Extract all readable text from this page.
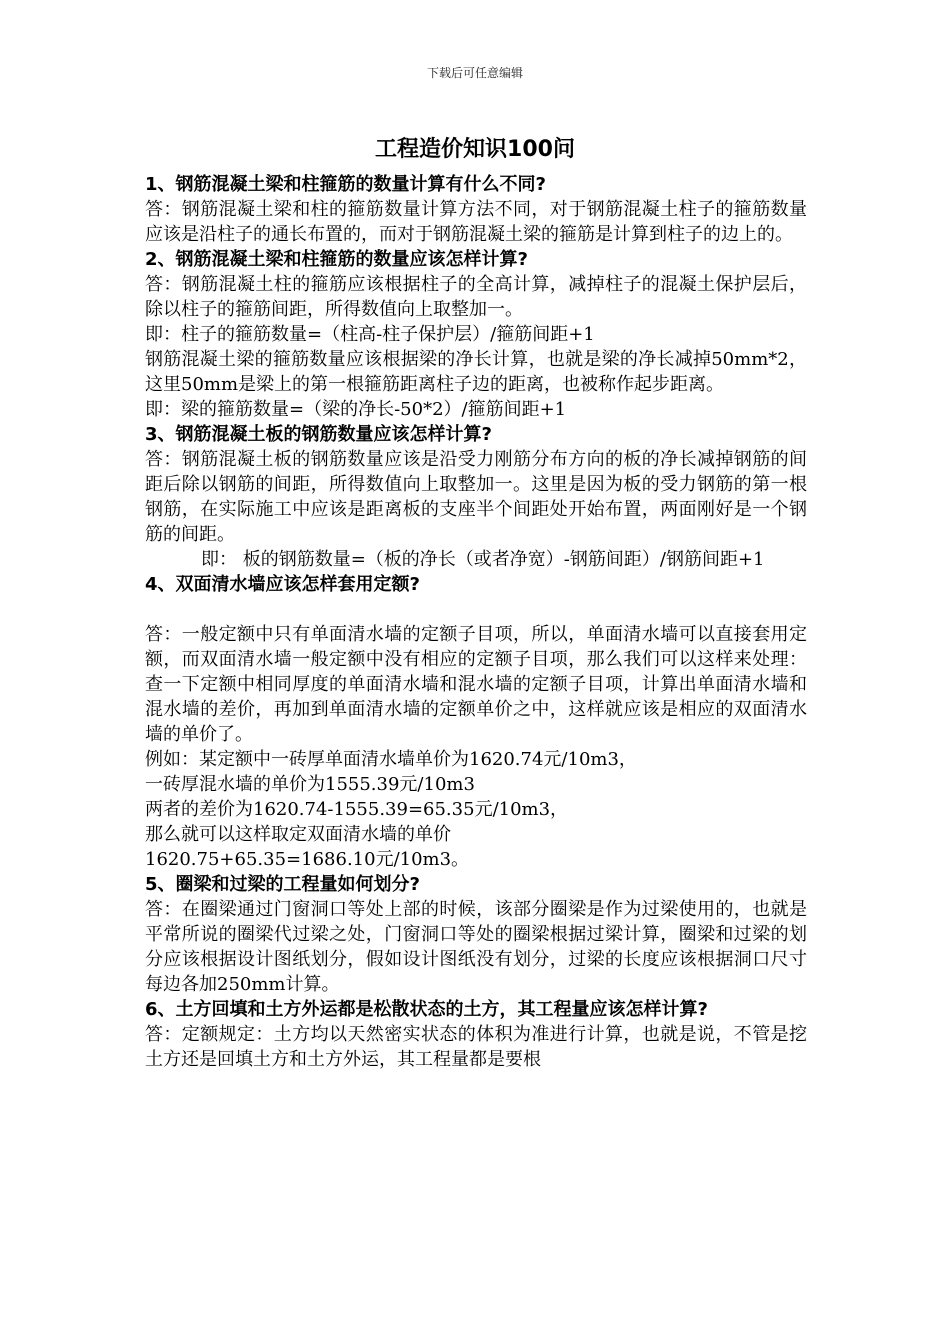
下载后可任意编辑
工程造价知识100问

1、钢筋混凝土梁和柱箍筋的数量计算有什么不同?

答：钢筋混凝土梁和柱的箍筋数量计算方法不同，对于钢筋混凝土柱子的箍筋数量应该是沿柱子的通长布置的，而对于钢筋混凝土梁的箍筋是计算到柱子的边上的。

2、钢筋混凝土梁和柱箍筋的数量应该怎样计算?

答：钢筋混凝土柱的箍筋应该根据柱子的全高计算，减掉柱子的混凝土保护层后，除以柱子的箍筋间距，所得数值向上取整加一。

即：柱子的箍筋数量=（柱高-柱子保护层）/箍筋间距+1

钢筋混凝土梁的箍筋数量应该根据梁的净长计算，也就是梁的净长减掉50mm*2，这里50mm是梁上的第一根箍筋距离柱子边的距离，也被称作起步距离。

即：梁的箍筋数量=（梁的净长-50*2）/箍筋间距+1

3、钢筋混凝土板的钢筋数量应该怎样计算?

答：钢筋混凝土板的钢筋数量应该是沿受力刚筋分布方向的板的净长减掉钢筋的间距后除以钢筋的间距，所得数值向上取整加一。这里是因为板的受力钢筋的第一根钢筋，在实际施工中应该是距离板的支座半个间距处开始布置，两面刚好是一个钢筋的间距。

即： 板的钢筋数量=（板的净长（或者净宽）-钢筋间距）/钢筋间距+1

4、双面清水墙应该怎样套用定额?

答：一般定额中只有单面清水墙的定额子目项，所以，单面清水墙可以直接套用定额，而双面清水墙一般定额中没有相应的定额子目项，那么我们可以这样来处理：查一下定额中相同厚度的单面清水墙和混水墙的定额子目项，计算出单面清水墙和混水墙的差价，再加到单面清水墙的定额单价之中，这样就应该是相应的双面清水墙的单价了。

例如：某定额中一砖厚单面清水墙单价为1620.74元/10m3，

一砖厚混水墙的单价为1555.39元/10m3

两者的差价为1620.74-1555.39=65.35元/10m3，

那么就可以这样取定双面清水墙的单价

1620.75+65.35=1686.10元/10m3。

5、圈梁和过梁的工程量如何划分?

答：在圈梁通过门窗洞口等处上部的时候，该部分圈梁是作为过梁使用的，也就是平常所说的圈梁代过梁之处，门窗洞口等处的圈梁根据过梁计算，圈梁和过梁的划分应该根据设计图纸划分，假如设计图纸没有划分，过梁的长度应该根据洞口尺寸每边各加250mm计算。

6、土方回填和土方外运都是松散状态的土方，其工程量应该怎样计算?

答：定额规定：土方均以天然密实状态的体积为准进行计算，也就是说，不管是挖土方还是回填土方和土方外运，其工程量都是要根
